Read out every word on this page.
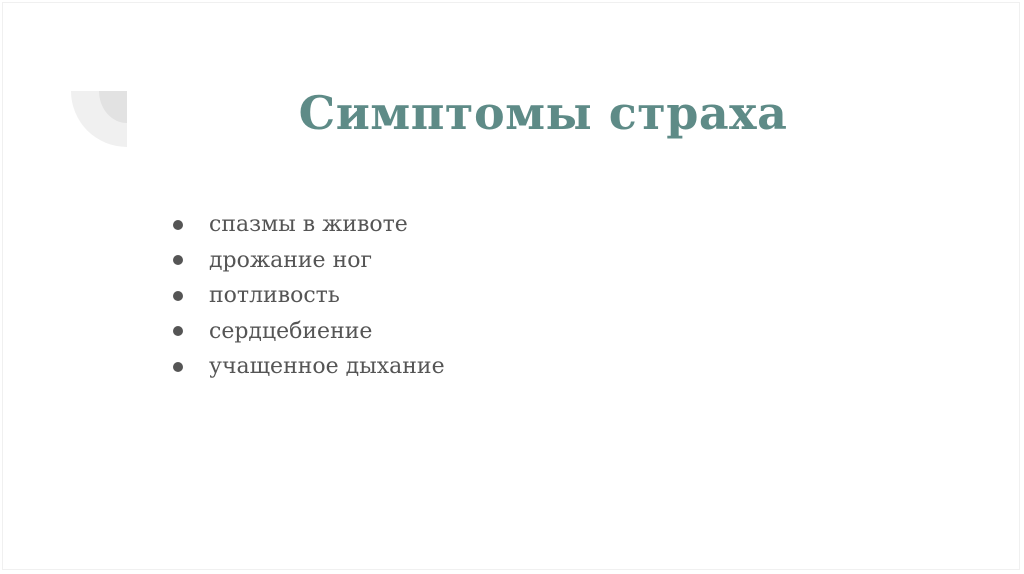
Симптомы страха
спазмы в животе
дрожание ног
потливость
сердцебиение
учащенное дыхание
